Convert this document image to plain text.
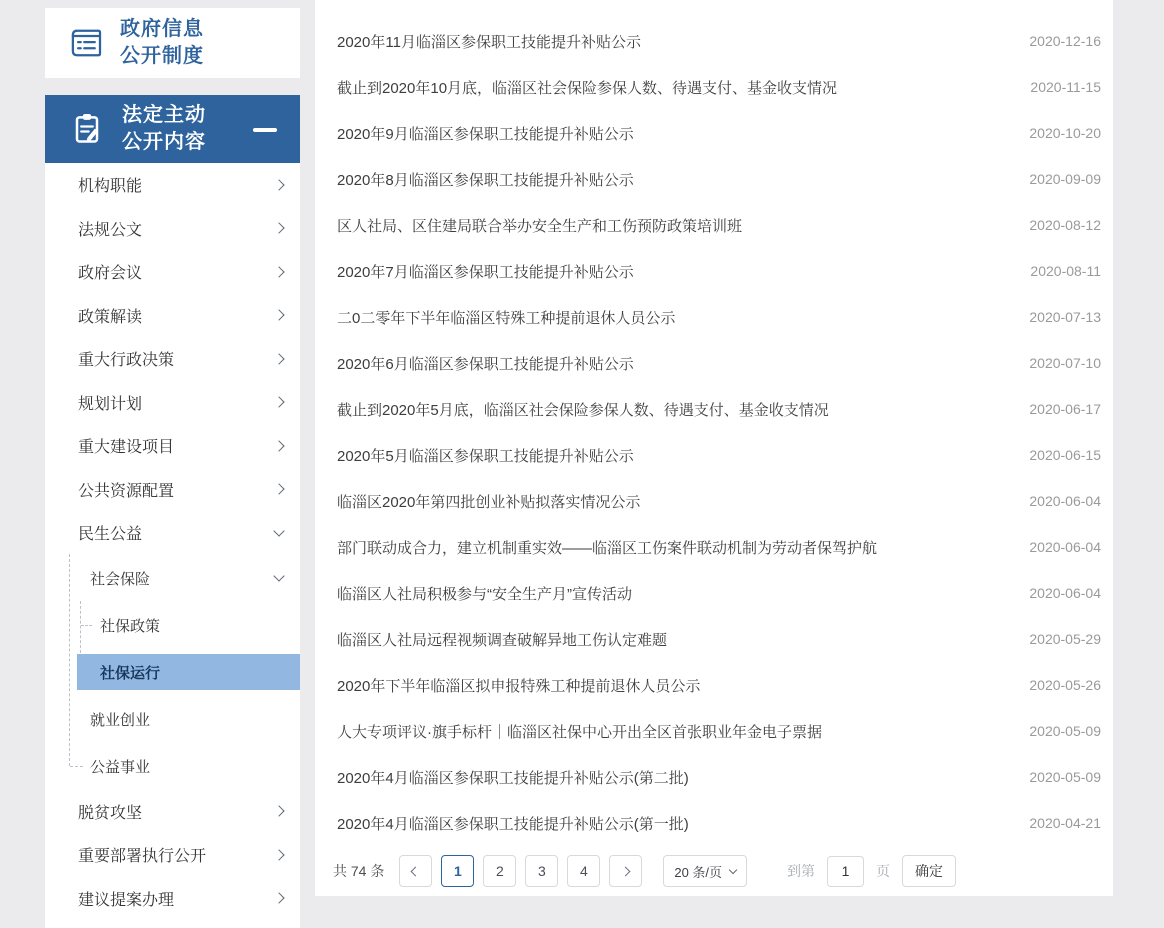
政府信息
公开制度
法定主动
公开内容
机构职能
法规公文
政府会议
政策解读
重大行政决策
规划计划
重大建设项目
公共资源配置
民生公益
社会保险
社保政策
社保运行
就业创业
公益事业
脱贫攻坚
重要部署执行公开
建议提案办理
2020年11月临淄区参保职工技能提升补贴公示	2020-12-16
截止到2020年10月底，临淄区社会保险参保人数、待遇支付、基金收支情况	2020-11-15
2020年9月临淄区参保职工技能提升补贴公示	2020-10-20
2020年8月临淄区参保职工技能提升补贴公示	2020-09-09
区人社局、区住建局联合举办安全生产和工伤预防政策培训班	2020-08-12
2020年7月临淄区参保职工技能提升补贴公示	2020-08-11
二0二零年下半年临淄区特殊工种提前退休人员公示	2020-07-13
2020年6月临淄区参保职工技能提升补贴公示	2020-07-10
截止到2020年5月底，临淄区社会保险参保人数、待遇支付、基金收支情况	2020-06-17
2020年5月临淄区参保职工技能提升补贴公示	2020-06-15
临淄区2020年第四批创业补贴拟落实情况公示	2020-06-04
部门联动成合力，建立机制重实效——临淄区工伤案件联动机制为劳动者保驾护航	2020-06-04
临淄区人社局积极参与“安全生产月”宣传活动	2020-06-04
临淄区人社局远程视频调查破解异地工伤认定难题	2020-05-29
2020年下半年临淄区拟申报特殊工种提前退休人员公示	2020-05-26
人大专项评议·旗手标杆｜临淄区社保中心开出全区首张职业年金电子票据	2020-05-09
2020年4月临淄区参保职工技能提升补贴公示(第二批)	2020-05-09
2020年4月临淄区参保职工技能提升补贴公示(第一批)	2020-04-21
共 74 条	1	2	3	4	20 条/页	到第
1	页	确定
